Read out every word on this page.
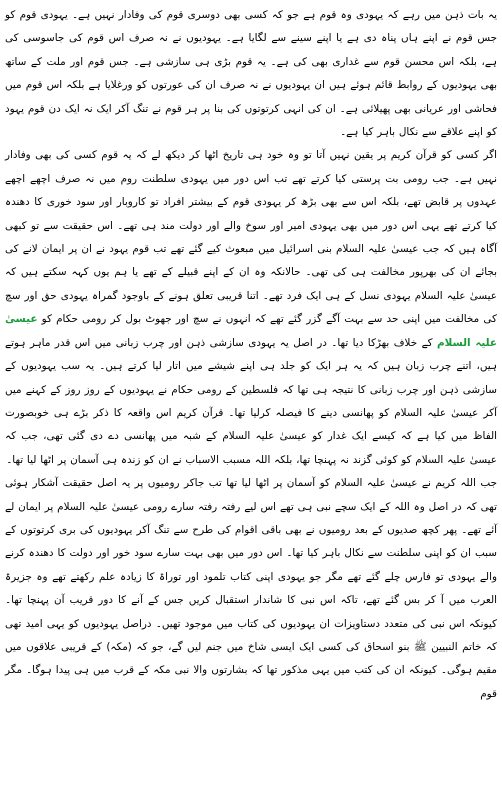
یہ بات ذہن میں رہے کہ یہودی وہ قوم ہے جو کہ کسی بھی دوسری قوم کی وفادار نہیں ہے۔ یہودی قوم کو جس قوم نے اپنے ہاں پناہ دی ہے یا اپنے سینے سے لگایا ہے۔ یہودیوں نے نہ صرف اس قوم کی جاسوسی کی ہے، بلکہ اس محسن قوم سے غداری بھی کی ہے۔ یہ قوم بڑی ہی سازشی ہے۔ جس قوم اور ملت کے ساتھ بھی یہودیوں کے روابط قائم ہوئے ہیں ان یہودیوں نے نہ صرف ان کی عورتوں کو ورغلایا ہے بلکہ اس قوم میں فحاشی اور عریانی بھی پھیلائی ہے۔ ان کی انہی کرتوتوں کی بنا پر ہر قوم نے تنگ آکر ایک نہ ایک دن قوم یہود کو اپنے علاقے سے نکال باہر کیا ہے۔

اگر کسی کو قرآن کریم پر یقین نہیں آتا تو وہ خود ہی تاریخ اٹھا کر دیکھ لے کہ یہ قوم کسی کی بھی وفادار نہیں ہے۔ جب رومی بت پرستی کیا کرتے تھے تب اس دور میں یہودی سلطنت روم میں نہ صرف اچھے اچھے عہدوں پر قابض تھے، بلکہ اس سے بھی بڑھ کر یہودی قوم کے بیشتر افراد تو کاروبار اور سود خوری کا دھندہ کیا کرتے تھے یہی اس دور میں بھی یہودی امیر اور سوخ والے اور دولت مند ہی تھے۔ اس حقیقت سے تو کبھی آگاہ ہیں کہ جب عیسیٰ علیہ السلام بنی اسرائیل میں مبعوث کیے گئے تھے تب قوم یہود نے ان پر ایمان لانے کی بجائے ان کی بھرپور مخالفت ہی کی تھی۔ حالانکہ وہ ان کے اپنے قبیلے کے تھے یا ہم یوں کہہ سکتے ہیں کہ عیسیٰ علیہ السلام یہودی نسل کے ہی ایک فرد تھے۔ اتنا قریبی تعلق ہونے کے باوجود گمراہ یہودی حق اور سچ کی مخالفت میں اپنی حد سے بہت آگے گزر گئے تھے کہ انہوں نے سچ اور جھوٹ بول کر رومی حکام کو عیسیٰ علیہ السلام کے خلاف بھڑکا دیا تھا۔ در اصل یہ یہودی سازشی ذہن اور چرب زبانی میں اس قدر ماہر ہوتے ہیں، اتنے چرب زبان ہیں کہ یہ ہر ایک کو جلد ہی اپنے شیشے میں اتار لیا کرتے ہیں۔ یہ سب یہودیوں کے سازشی ذہن اور چرب زبانی کا نتیجہ ہی تھا کہ فلسطین کے رومی حکام نے یہودیوں کے روز روز کے کہنے میں آکر عیسیٰ علیہ السلام کو پھانسی دینے کا فیصلہ کرلیا تھا۔ قرآن کریم اس واقعہ کا ذکر بڑے ہی خوبصورت الفاظ میں کیا ہے کہ کیسے ایک غدار کو عیسیٰ علیہ السلام کے شبہ میں پھانسی دے دی گئی تھی، جب کہ عیسیٰ علیہ السلام کو کوئی گزند نہ پہنچا تھا، بلکہ اللہ مسبب الاسباب نے ان کو زندہ ہی آسمان پر اٹھا لیا تھا۔

جب اللہ کریم نے عیسیٰ علیہ السلام کو آسمان پر اٹھا لیا تھا تب جاکر رومیوں پر یہ اصل حقیقت آشکار ہوئی تھی کہ در اصل وہ اللہ کے ایک سچے نبی ہی تھے اس لیے رفتہ رفتہ سارے رومی عیسیٰ علیہ السلام پر ایمان لے آئے تھے۔ پھر کچھ صدیوں کے بعد رومیوں نے بھی باقی اقوام کی طرح سے تنگ آکر یہودیوں کی بری کرتوتوں کے سبب ان کو اپنی سلطنت سے نکال باہر کیا تھا۔ اس دور میں بھی بہت سارے سود خور اور دولت کا دھندہ کرنے والے یہودی تو فارس چلے گئے تھے مگر جو یہودی اپنی کتاب تلمود اور توراۃ کا زیادہ علم رکھتے تھے وہ جزیرۃ العرب میں آ کر بس گئے تھے، تاکہ اس نبی کا شاندار استقبال کریں جس کے آنے کا دور قریب آن پہنچا تھا۔ کیونکہ اس نبی کی متعدد دستاویزات ان یہودیوں کی کتاب میں موجود تھیں۔ دراصل یہودیوں کو یہی امید تھی کہ خاتم النبیین ﷺ بنو اسحاق کی کسی ایک ایسی شاخ میں جنم لیں گے، جو کہ (مکہ) کے قریبی علاقوں میں مقیم ہوگی۔ کیونکہ ان کی کتب میں یہی مذکور تھا کہ بشارتوں والا نبی مکہ کے قرب میں ہی پیدا ہوگا۔ مگر قوم
